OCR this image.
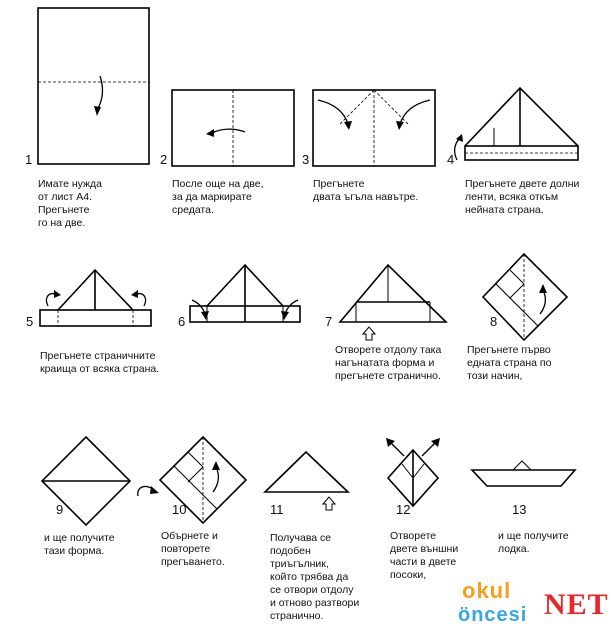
1	2	3	4
5	6	7	8
9	10	11	12	13
Имате нужда
от лист А4.
Прегънете
го на две.
После още на две,
за да маркирате
средата.
Прегънете
двата ъгъла навътре.
Прегънете двете долни
ленти, всяка откъм
нейната страна.
Прегънете страничните
краища от всяка страна.
Отворете отдолу така
нагънатата форма и
прегънете странично.
Прегънете първо
едната страна по
този начин,
и ще получите
тази форма.
Обърнете и
повторете
прегъването.
Получава се
подобен
триъгълник,
който трябва да
се отвори отдолу
и отново разтвори
странично.
Отворете
двете външни
части в двете
посоки,
и ще получите
лодка.
okul
öncesi NET
